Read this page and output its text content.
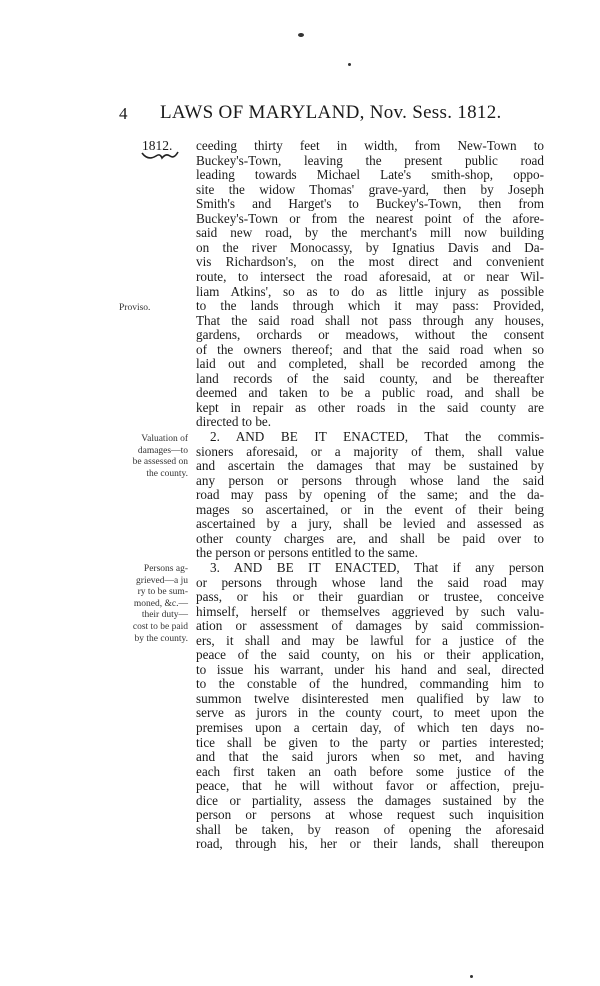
4 LAWS OF MARYLAND, Nov. Sess. 1812.
1812.
Proviso.
Valuation of
damages—to
be assessed on
the county.
Persons ag-
grieved—a ju
ry to be sum-
moned, &c.—
their duty—
cost to be paid
by the county.
ceeding thirty feet in width, from New-Town to
Buckey's-Town, leaving the present public road
leading towards Michael Late's smith-shop, oppo-
site the widow Thomas' grave-yard, then by Joseph
Smith's and Harget's to Buckey's-Town, then from
Buckey's-Town or from the nearest point of the afore-
said new road, by the merchant's mill now building
on the river Monocassy, by Ignatius Davis and Da-
vis Richardson's, on the most direct and convenient
route, to intersect the road aforesaid, at or near Wil-
liam Atkins', so as to do as little injury as possible
to the lands through which it may pass: Provided,
That the said road shall not pass through any houses,
gardens, orchards or meadows, without the consent
of the owners thereof; and that the said road when so
laid out and completed, shall be recorded among the
land records of the said county, and be thereafter
deemed and taken to be a public road, and shall be
kept in repair as other roads in the said county are
directed to be.
2. AND BE IT ENACTED, That the commis-
sioners aforesaid, or a majority of them, shall value
and ascertain the damages that may be sustained by
any person or persons through whose land the said
road may pass by opening of the same; and the da-
mages so ascertained, or in the event of their being
ascertained by a jury, shall be levied and assessed as
other county charges are, and shall be paid over to
the person or persons entitled to the same.
3. AND BE IT ENACTED, That if any person
or persons through whose land the said road may
pass, or his or their guardian or trustee, conceive
himself, herself or themselves aggrieved by such valu-
ation or assessment of damages by said commission-
ers, it shall and may be lawful for a justice of the
peace of the said county, on his or their application,
to issue his warrant, under his hand and seal, directed
to the constable of the hundred, commanding him to
summon twelve disinterested men qualified by law to
serve as jurors in the county court, to meet upon the
premises upon a certain day, of which ten days no-
tice shall be given to the party or parties interested;
and that the said jurors when so met, and having
each first taken an oath before some justice of the
peace, that he will without favor or affection, preju-
dice or partiality, assess the damages sustained by the
person or persons at whose request such inquisition
shall be taken, by reason of opening the aforesaid
road, through his, her or their lands, shall thereupon
